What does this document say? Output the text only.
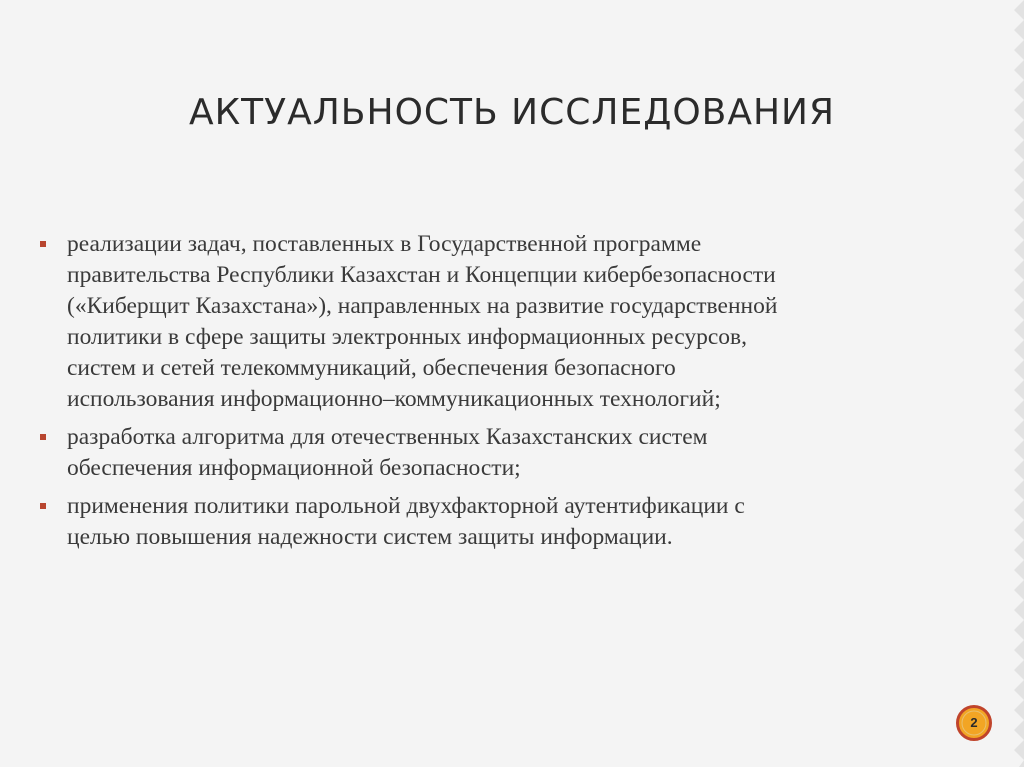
АКТУАЛЬНОСТЬ ИССЛЕДОВАНИЯ
реализации задач, поставленных в Государственной программе
правительства Республики Казахстан и Концепции кибербезопасности
(«Киберщит Казахстана»), направленных на развитие государственной
политики в сфере защиты электронных информационных ресурсов,
систем и сетей телекоммуникаций, обеспечения безопасного
использования информационно–коммуникационных технологий;
разработка алгоритма для отечественных Казахстанских систем
обеспечения информационной безопасности;
применения политики парольной двухфакторной аутентификации с
целью повышения надежности систем защиты информации.
2
